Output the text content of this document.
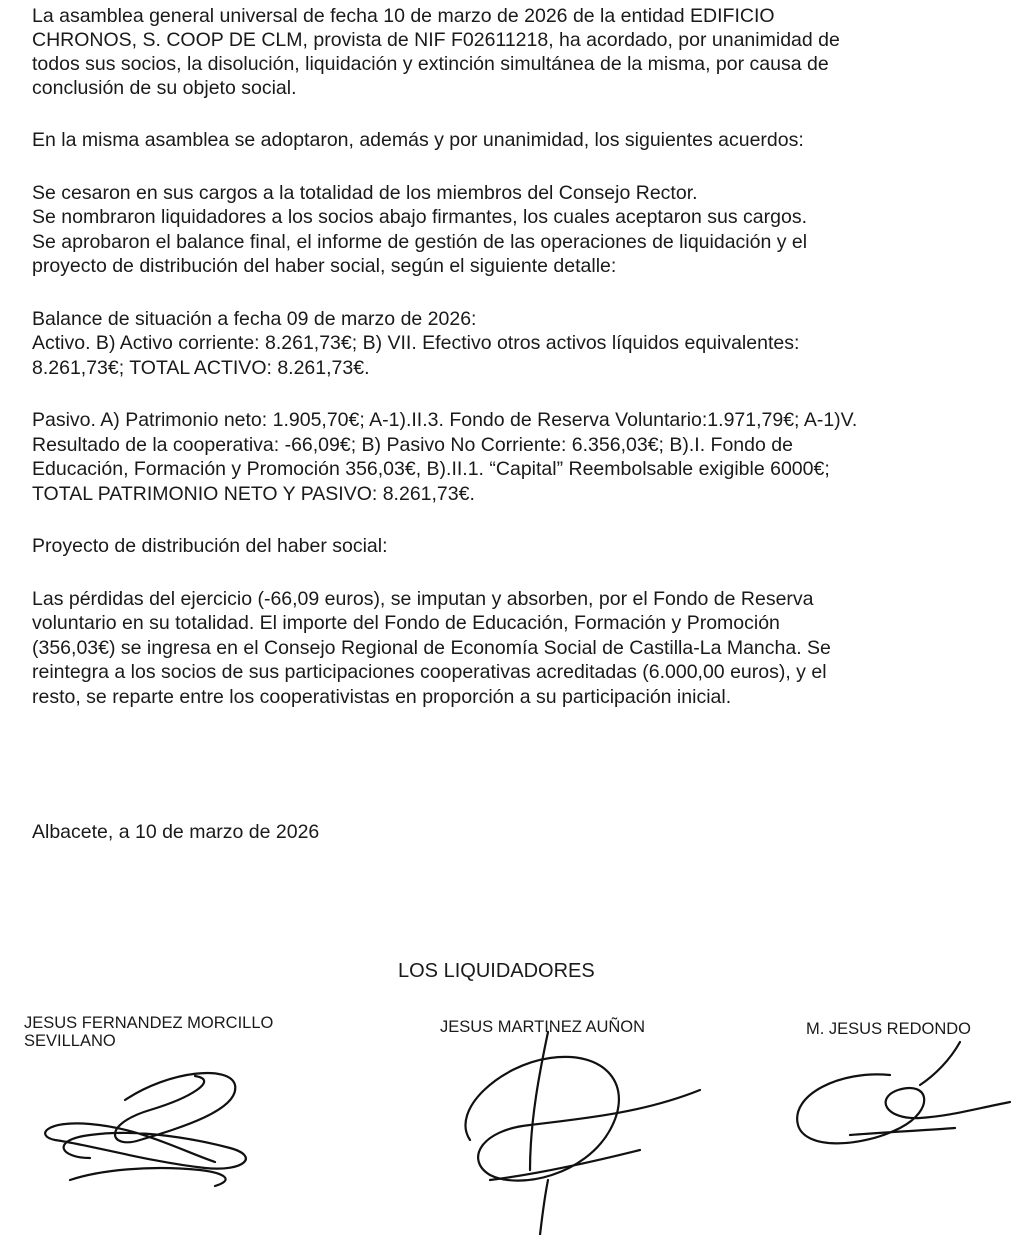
La asamblea general universal de fecha 10 de marzo de 2026 de la entidad EDIFICIO
CHRONOS, S. COOP DE CLM, provista de NIF F02611218, ha acordado, por unanimidad de
todos sus socios, la disolución, liquidación y extinción simultánea de la misma, por causa de
conclusión de su objeto social.

En la misma asamblea se adoptaron, además y por unanimidad, los siguientes acuerdos:

Se cesaron en sus cargos a la totalidad de los miembros del Consejo Rector.
Se nombraron liquidadores a los socios abajo firmantes, los cuales aceptaron sus cargos.
Se aprobaron el balance final, el informe de gestión de las operaciones de liquidación y el
proyecto de distribución del haber social, según el siguiente detalle:

Balance de situación a fecha 09 de marzo de 2026:
Activo. B) Activo corriente: 8.261,73€; B) VII. Efectivo otros activos líquidos equivalentes:
8.261,73€; TOTAL ACTIVO: 8.261,73€.

Pasivo. A) Patrimonio neto: 1.905,70€; A-1).II.3. Fondo de Reserva Voluntario:1.971,79€; A-1)V.
Resultado de la cooperativa: -66,09€; B) Pasivo No Corriente: 6.356,03€; B).I. Fondo de
Educación, Formación y Promoción 356,03€, B).II.1. “Capital” Reembolsable exigible 6000€;
TOTAL PATRIMONIO NETO Y PASIVO: 8.261,73€.

Proyecto de distribución del haber social:

Las pérdidas del ejercicio (-66,09 euros), se imputan y absorben, por el Fondo de Reserva
voluntario en su totalidad. El importe del Fondo de Educación, Formación y Promoción
(356,03€) se ingresa en el Consejo Regional de Economía Social de Castilla-La Mancha. Se
reintegra a los socios de sus participaciones cooperativas acreditadas (6.000,00 euros), y el
resto, se reparte entre los cooperativistas en proporción a su participación inicial.

Albacete, a 10 de marzo de 2026

LOS LIQUIDADORES

JESUS FERNANDEZ MORCILLO
SEVILLANO
JESUS MARTINEZ AUÑON	M. JESUS REDONDO
